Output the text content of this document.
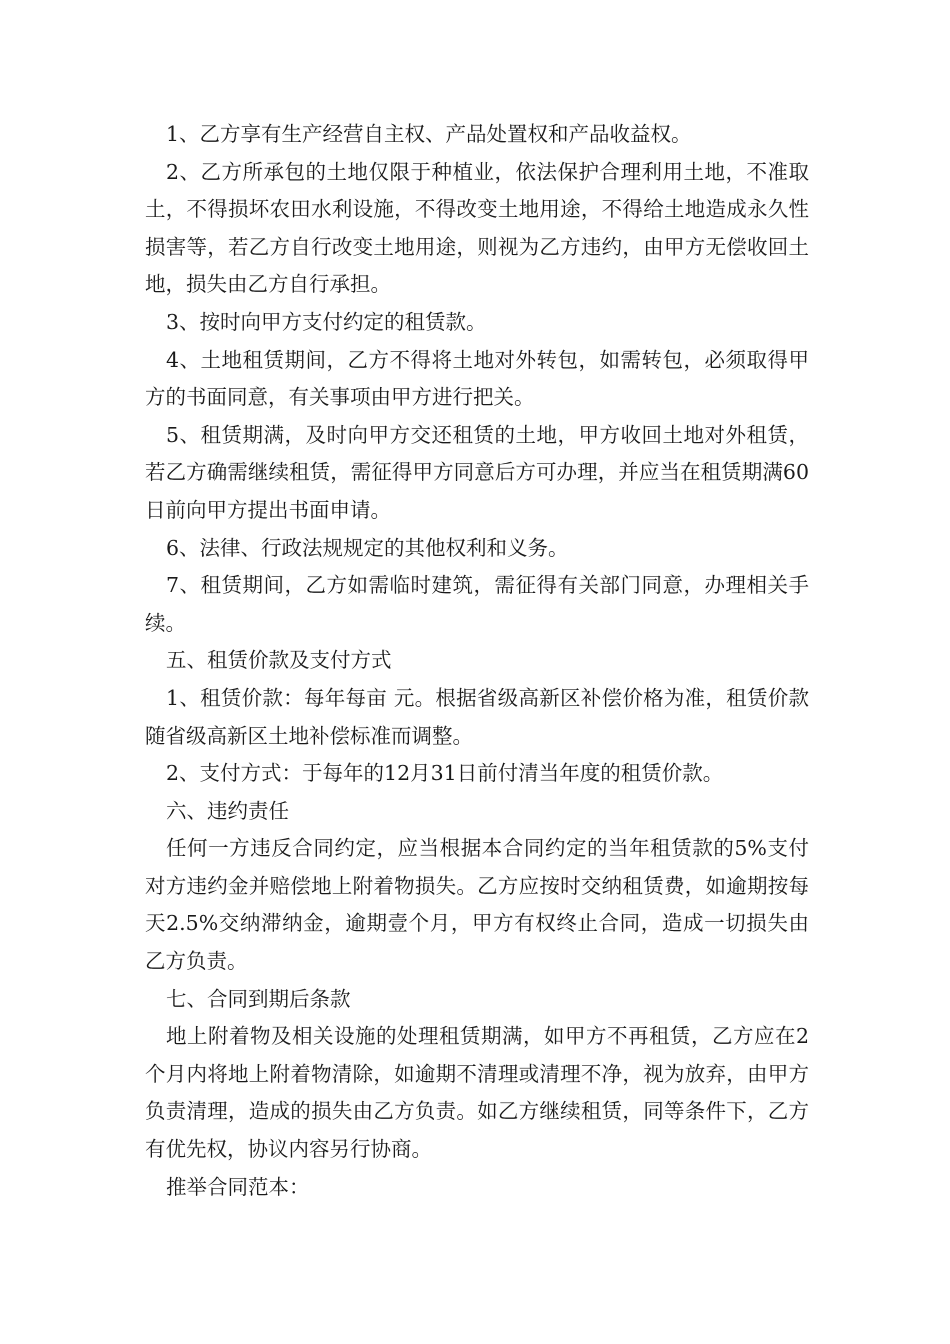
1、乙方享有生产经营自主权、产品处置权和产品收益权。

2、乙方所承包的土地仅限于种植业，依法保护合理利用土地，不准取土，不得损坏农田水利设施，不得改变土地用途，不得给土地造成永久性损害等，若乙方自行改变土地用途，则视为乙方违约，由甲方无偿收回土地，损失由乙方自行承担。

3、按时向甲方支付约定的租赁款。

4、土地租赁期间，乙方不得将土地对外转包，如需转包，必须取得甲方的书面同意，有关事项由甲方进行把关。

5、租赁期满，及时向甲方交还租赁的土地，甲方收回土地对外租赁，若乙方确需继续租赁，需征得甲方同意后方可办理，并应当在租赁期满60日前向甲方提出书面申请。

6、法律、行政法规规定的其他权利和义务。

7、租赁期间，乙方如需临时建筑，需征得有关部门同意，办理相关手续。

五、租赁价款及支付方式

1、租赁价款：每年每亩 元。根据省级高新区补偿价格为准，租赁价款随省级高新区土地补偿标准而调整。

2、支付方式：于每年的12月31日前付清当年度的租赁价款。

六、违约责任

任何一方违反合同约定，应当根据本合同约定的当年租赁款的5%支付对方违约金并赔偿地上附着物损失。乙方应按时交纳租赁费，如逾期按每天2.5%交纳滞纳金，逾期壹个月，甲方有权终止合同，造成一切损失由乙方负责。

七、合同到期后条款

地上附着物及相关设施的处理租赁期满，如甲方不再租赁，乙方应在2个月内将地上附着物清除，如逾期不清理或清理不净，视为放弃，由甲方负责清理，造成的损失由乙方负责。如乙方继续租赁，同等条件下，乙方有优先权，协议内容另行协商。

推举合同范本：
